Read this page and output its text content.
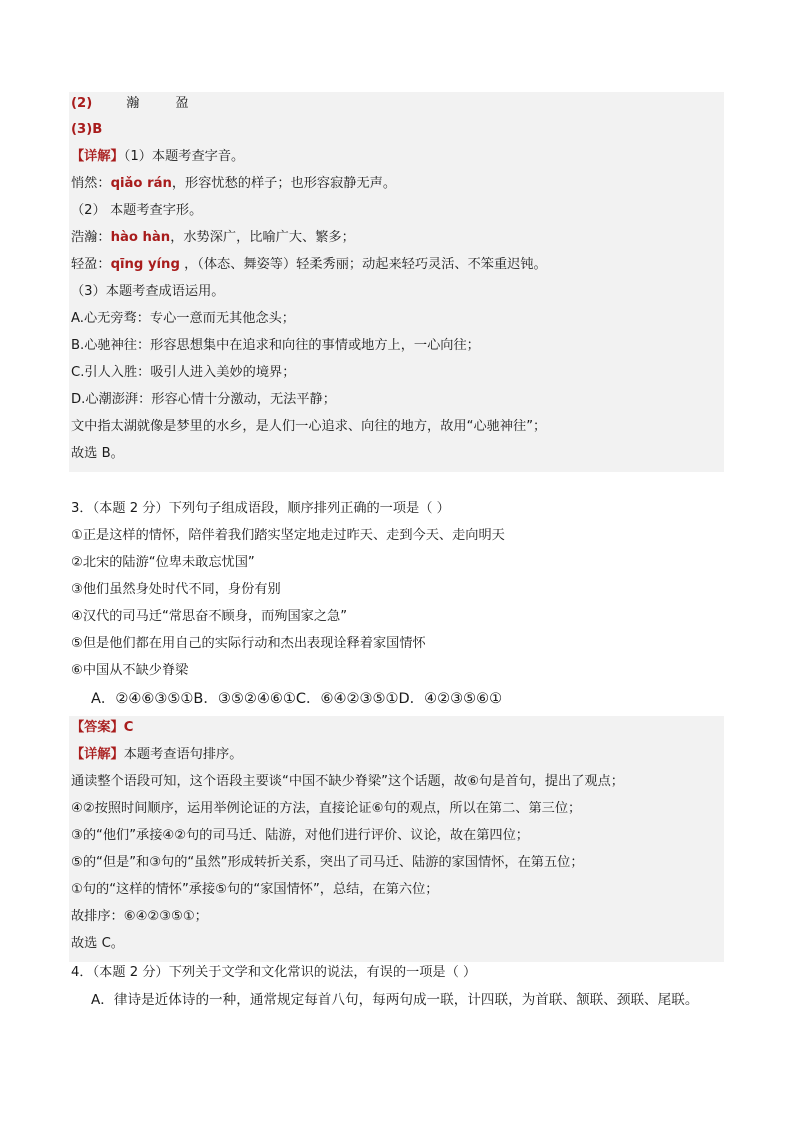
(2)	瀚	盈
(3)B
【详解】（1）本题考查字音。
悄然：qiǎo rán，形容忧愁的样子；也形容寂静无声。
（2） 本题考查字形。
浩瀚：hào hàn，水势深广，比喻广大、繁多；
轻盈：qīng yíng ，（体态、舞姿等）轻柔秀丽；动起来轻巧灵活、不笨重迟钝。
（3）本题考查成语运用。
A.心无旁骛：专心一意而无其他念头；
B.心驰神往：形容思想集中在追求和向往的事情或地方上，一心向往；
C.引人入胜：吸引人进入美妙的境界；
D.心潮澎湃：形容心情十分激动，无法平静；
文中指太湖就像是梦里的水乡，是人们一心追求、向往的地方，故用“心驰神往”；
故选 B。
3．（本题 2 分）下列句子组成语段，顺序排列正确的一项是（ ）
①正是这样的情怀，陪伴着我们踏实坚定地走过昨天、走到今天、走向明天
②北宋的陆游“位卑未敢忘忧国”
③他们虽然身处时代不同，身份有别
④汉代的司马迁“常思奋不顾身，而殉国家之急”
⑤但是他们都在用自己的实际行动和杰出表现诠释着家国情怀
⑥中国从不缺少脊梁
A．②④⑥③⑤①B．③⑤②④⑥①C．⑥④②③⑤①D．④②③⑤⑥①
【答案】C
【详解】本题考查语句排序。
通读整个语段可知，这个语段主要谈“中国不缺少脊梁”这个话题，故⑥句是首句，提出了观点；
④②按照时间顺序，运用举例论证的方法，直接论证⑥句的观点，所以在第二、第三位；
③的“他们”承接④②句的司马迁、陆游，对他们进行评价、议论，故在第四位；
⑤的“但是”和③句的“虽然”形成转折关系，突出了司马迁、陆游的家国情怀，在第五位；
①句的“这样的情怀”承接⑤句的“家国情怀”，总结，在第六位；
故排序：⑥④②③⑤①；
故选 C。
4．（本题 2 分）下列关于文学和文化常识的说法，有误的一项是（ ）
A．律诗是近体诗的一种，通常规定每首八句，每两句成一联，计四联，为首联、颔联、颈联、尾联。
